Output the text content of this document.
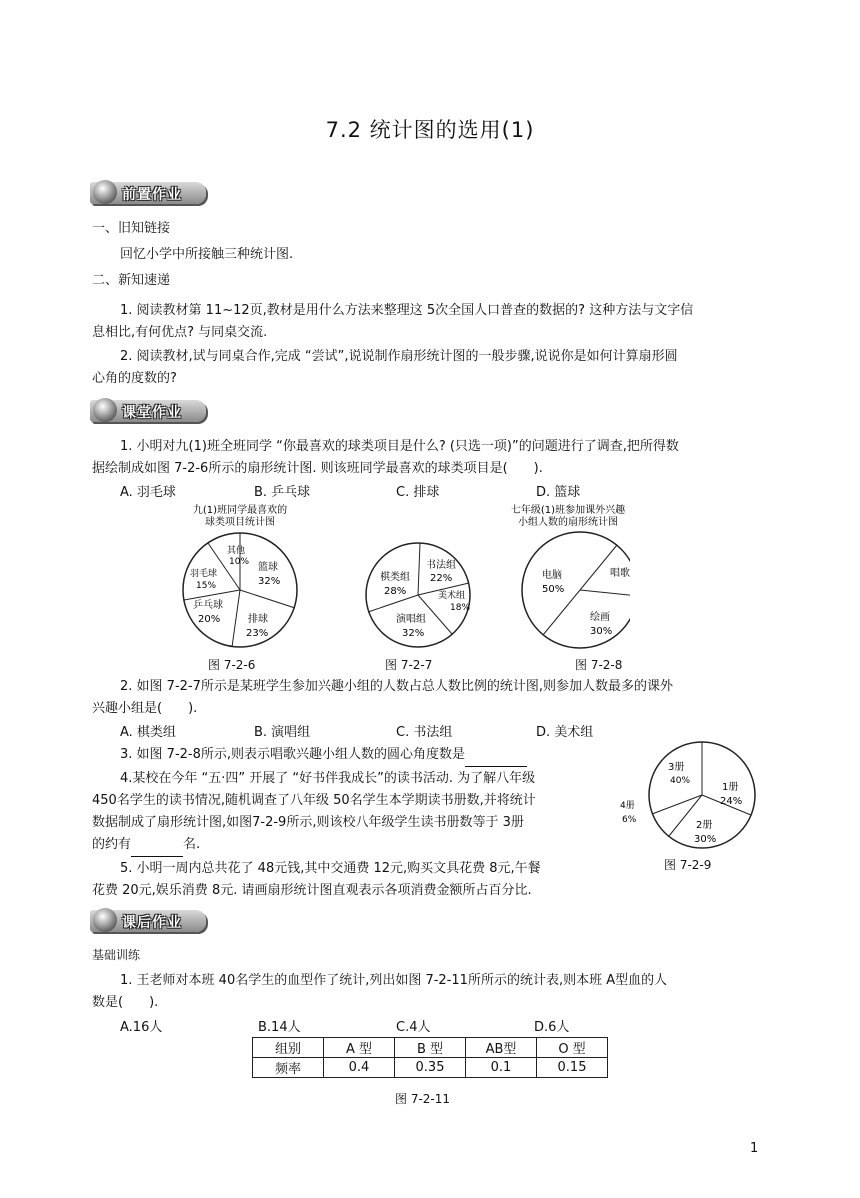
7.2 统计图的选用(1)
前置作业
一、旧知链接
回忆小学中所接触三种统计图.
二、新知速递
1. 阅读教材第 11~12页,教材是用什么方法来整理这 5次全国人口普查的数据的? 这种方法与文字信
息相比,有何优点? 与同桌交流.
2. 阅读教材,试与同桌合作,完成 “尝试”,说说制作扇形统计图的一般步骤,说说你是如何计算扇形圆
心角的度数的?
课堂作业
1. 小明对九(1)班全班同学 “你最喜欢的球类项目是什么? (只选一项)”的问题进行了调查,把所得数
据绘制成如图 7-2-6所示的扇形统计图. 则该班同学最喜欢的球类项目是(　　).
A. 羽毛球	B. 乒乓球	C. 排球	D. 篮球
九(1)班同学最喜欢的
球类项目统计图
其他
10% 篮球
32%
排球
23%
乒乓球
20%
羽毛球
15%
棋类组
28%
书法组
22%
美术组
18%
演唱组
32%
七年级(1)班参加课外兴趣
小组人数的扇形统计图
电脑
50%
唱歌
绘画
30%
图 7-2-6	图 7-2-7	图 7-2-8
2. 如图 7-2-7所示是某班学生参加兴趣小组的人数占总人数比例的统计图,则参加人数最多的课外
兴趣小组是(　　).
A. 棋类组	B. 演唱组	C. 书法组	D. 美术组
3. 如图 7-2-8所示,则表示唱歌兴趣小组人数的圆心角度数是
4.某校在今年 “五·四” 开展了 “好书伴我成长”的读书活动. 为了解八年级
450名学生的读书情况,随机调查了八年级 50名学生本学期读书册数,并将统计
数据制成了扇形统计图,如图7-2-9所示,则该校八年级学生读书册数等于 3册
的约有	名.
5. 小明一周内总共花了 48元钱,其中交通费 12元,购买文具花费 8元,午餐
花费 20元,娱乐消费 8元. 请画扇形统计图直观表示各项消费金额所占百分比.
3册
40%
1册
24%
2册
30%
4册
6%
图 7-2-9
课后作业
基础训练
1. 王老师对本班 40名学生的血型作了统计,列出如图 7-2-11所所示的统计表,则本班 A型血的人
数是(　　).
A.16人	B.14人	C.4人	D.6人
组别	A 型	B 型	AB型	O 型
频率	0.4	0.35	0.1	0.15
图 7-2-11
1
